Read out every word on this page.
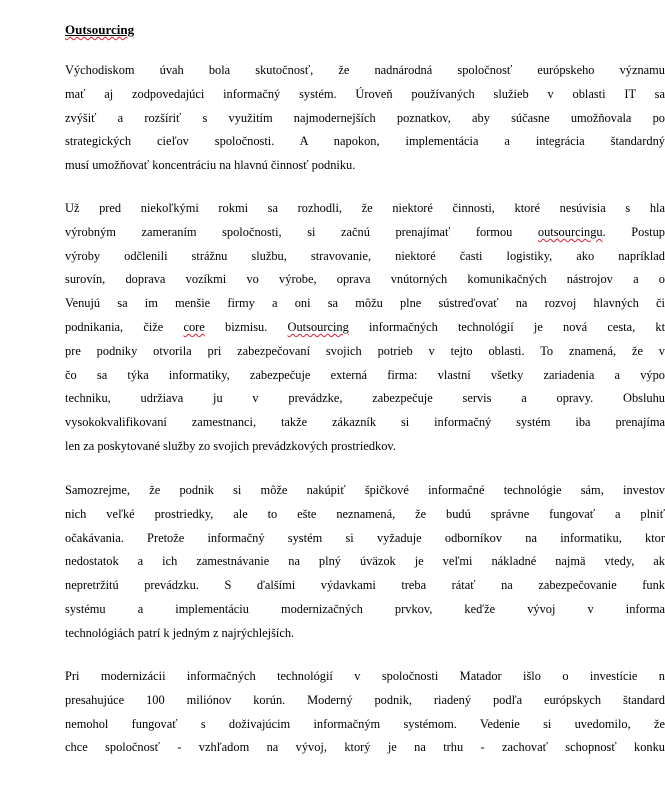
Outsourcing
Východiskom úvah bola skutočnosť, že nadnárodná spoločnosť európskeho významu
mať aj zodpovedajúci informačný systém. Úroveň používaných služieb v oblasti IT sa
zvýšiť a rozšíriť s využitím najmodernejších poznatkov, aby súčasne umožňovala po
strategických cieľov spoločnosti. A napokon, implementácia a integrácia štandardný
musí umožňovať koncentráciu na hlavnú činnosť podniku.
Už pred niekoľkými rokmi sa rozhodli, že niektoré činnosti, ktoré nesúvisia s hla
výrobným zameraním spoločnosti, si začnú prenajímať formou outsourcingu. Postup
výroby odčlenili strážnu službu, stravovanie, niektoré časti logistiky, ako napríklad
surovín, doprava vozíkmi vo výrobe, oprava vnútorných komunikačných nástrojov a o
Venujú sa im menšie firmy a oni sa môžu plne sústreďovať na rozvoj hlavných či
podnikania, čiže core bizmisu. Outsourcing informačných technológií je nová cesta, kt
pre podniky otvorila pri zabezpečovaní svojich potrieb v tejto oblasti. To znamená, že v
čo sa týka informatiky, zabezpečuje externá firma: vlastní všetky zariadenia a výpo
techniku, udržiava ju v prevádzke, zabezpečuje servis a opravy. Obsluhu
vysokokvalifikovaní zamestnanci, takže zákazník si informačný systém iba prenajíma
len za poskytované služby zo svojich prevádzkových prostriedkov.
Samozrejme, že podnik si môže nakúpiť špičkové informačné technológie sám, investov
nich veľké prostriedky, ale to ešte neznamená, že budú správne fungovať a plniť
očakávania. Pretože informačný systém si vyžaduje odborníkov na informatiku, ktor
nedostatok a ich zamestnávanie na plný úväzok je veľmi nákladné najmä vtedy, ak
nepretržitú prevádzku. S ďalšími výdavkami treba rátať na zabezpečovanie funk
systému a implementáciu modernizačných prvkov, keďže vývoj v informa
technológiách patrí k jedným z najrýchlejších.
Pri modernizácii informačných technológií v spoločnosti Matador išlo o investície n
presahujúce 100 miliónov korún. Moderný podnik, riadený podľa európskych štandard
nemohol fungovať s doživajúcim informačným systémom. Vedenie si uvedomilo, že
chce spoločnosť - vzhľadom na vývoj, ktorý je na trhu - zachovať schopnosť konku
